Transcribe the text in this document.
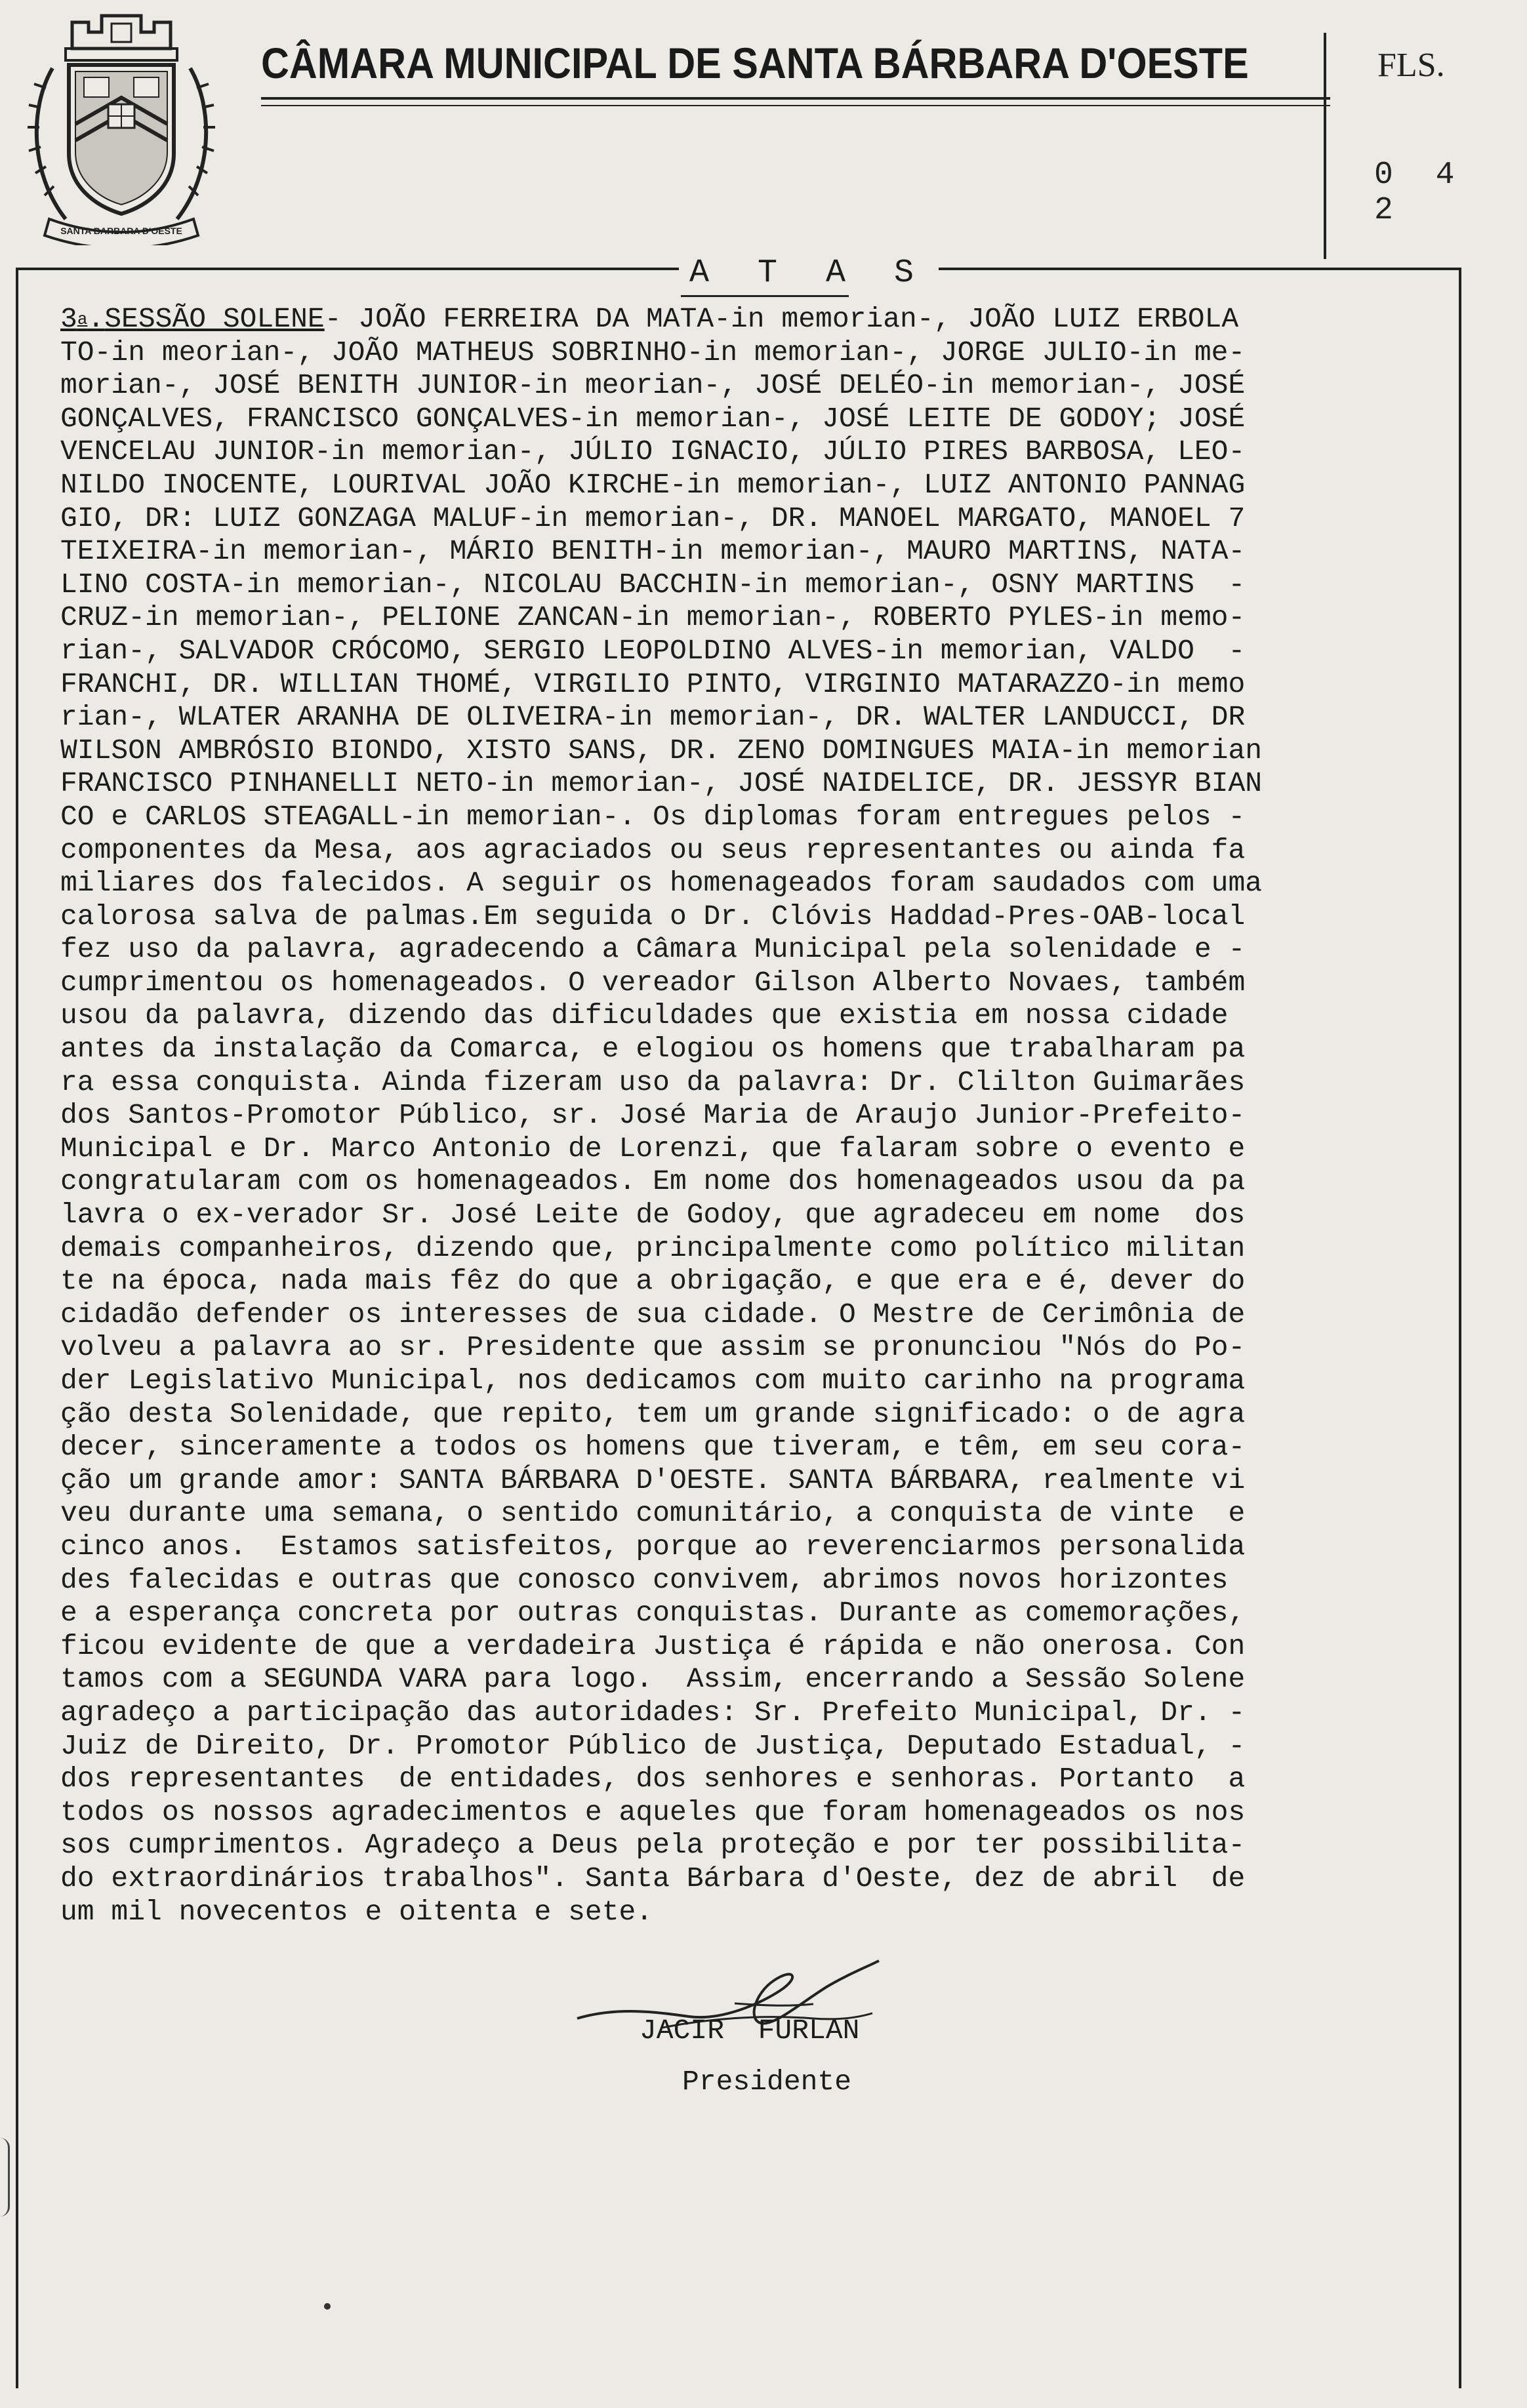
SANTA BARBARA D'OESTE
CÂMARA MUNICIPAL DE SANTA BÁRBARA D'OESTE	FLS.
0 4 2
A T A S
3$^a$.SESSÃO SOLENE- JOÃO FERREIRA DA MATA-in memorian-, JOÃO LUIZ ERBOLA
TO-in meorian-, JOÃO MATHEUS SOBRINHO-in memorian-, JORGE JULIO-in me-
morian-, JOSÉ BENITH JUNIOR-in meorian-, JOSÉ DELÉO-in memorian-, JOSÉ
GONÇALVES, FRANCISCO GONÇALVES-in memorian-, JOSÉ LEITE DE GODOY; JOSÉ
VENCELAU JUNIOR-in memorian-, JÚLIO IGNACIO, JÚLIO PIRES BARBOSA, LEO-
NILDO INOCENTE, LOURIVAL JOÃO KIRCHE-in memorian-, LUIZ ANTONIO PANNAG
GIO, DR: LUIZ GONZAGA MALUF-in memorian-, DR. MANOEL MARGATO, MANOEL 7
TEIXEIRA-in memorian-, MÁRIO BENITH-in memorian-, MAURO MARTINS, NATA-
LINO COSTA-in memorian-, NICOLAU BACCHIN-in memorian-, OSNY MARTINS  -
CRUZ-in memorian-, PELIONE ZANCAN-in memorian-, ROBERTO PYLES-in memo-
rian-, SALVADOR CRÓCOMO, SERGIO LEOPOLDINO ALVES-in memorian, VALDO  -
FRANCHI, DR. WILLIAN THOMÉ, VIRGILIO PINTO, VIRGINIO MATARAZZO-in memo
rian-, WLATER ARANHA DE OLIVEIRA-in memorian-, DR. WALTER LANDUCCI, DR
WILSON AMBRÓSIO BIONDO, XISTO SANS, DR. ZENO DOMINGUES MAIA-in memorian
FRANCISCO PINHANELLI NETO-in memorian-, JOSÉ NAIDELICE, DR. JESSYR BIAN
CO e CARLOS STEAGALL-in memorian-. Os diplomas foram entregues pelos -
componentes da Mesa, aos agraciados ou seus representantes ou ainda fa
miliares dos falecidos. A seguir os homenageados foram saudados com uma
calorosa salva de palmas.Em seguida o Dr. Clóvis Haddad-Pres-OAB-local
fez uso da palavra, agradecendo a Câmara Municipal pela solenidade e -
cumprimentou os homenageados. O vereador Gilson Alberto Novaes, também
usou da palavra, dizendo das dificuldades que existia em nossa cidade
antes da instalação da Comarca, e elogiou os homens que trabalharam pa
ra essa conquista. Ainda fizeram uso da palavra: Dr. Clilton Guimarães
dos Santos-Promotor Público, sr. José Maria de Araujo Junior-Prefeito-
Municipal e Dr. Marco Antonio de Lorenzi, que falaram sobre o evento e
congratularam com os homenageados. Em nome dos homenageados usou da pa
lavra o ex-verador Sr. José Leite de Godoy, que agradeceu em nome  dos
demais companheiros, dizendo que, principalmente como político militan
te na época, nada mais fêz do que a obrigação, e que era e é, dever do
cidadão defender os interesses de sua cidade. O Mestre de Cerimônia de
volveu a palavra ao sr. Presidente que assim se pronunciou "Nós do Po-
der Legislativo Municipal, nos dedicamos com muito carinho na programa
ção desta Solenidade, que repito, tem um grande significado: o de agra
decer, sinceramente a todos os homens que tiveram, e têm, em seu cora-
ção um grande amor: SANTA BÁRBARA D'OESTE. SANTA BÁRBARA, realmente vi
veu durante uma semana, o sentido comunitário, a conquista de vinte  e
cinco anos.  Estamos satisfeitos, porque ao reverenciarmos personalida
des falecidas e outras que conosco convivem, abrimos novos horizontes
e a esperança concreta por outras conquistas. Durante as comemorações,
ficou evidente de que a verdadeira Justiça é rápida e não onerosa. Con
tamos com a SEGUNDA VARA para logo.  Assim, encerrando a Sessão Solene
agradeço a participação das autoridades: Sr. Prefeito Municipal, Dr. -
Juiz de Direito, Dr. Promotor Público de Justiça, Deputado Estadual, -
dos representantes  de entidades, dos senhores e senhoras. Portanto  a
todos os nossos agradecimentos e aqueles que foram homenageados os nos
sos cumprimentos. Agradeço a Deus pela proteção e por ter possibilita-
do extraordinários trabalhos". Santa Bárbara d'Oeste, dez de abril  de
um mil novecentos e oitenta e sete.
JACIR  FURLAN
Presidente
